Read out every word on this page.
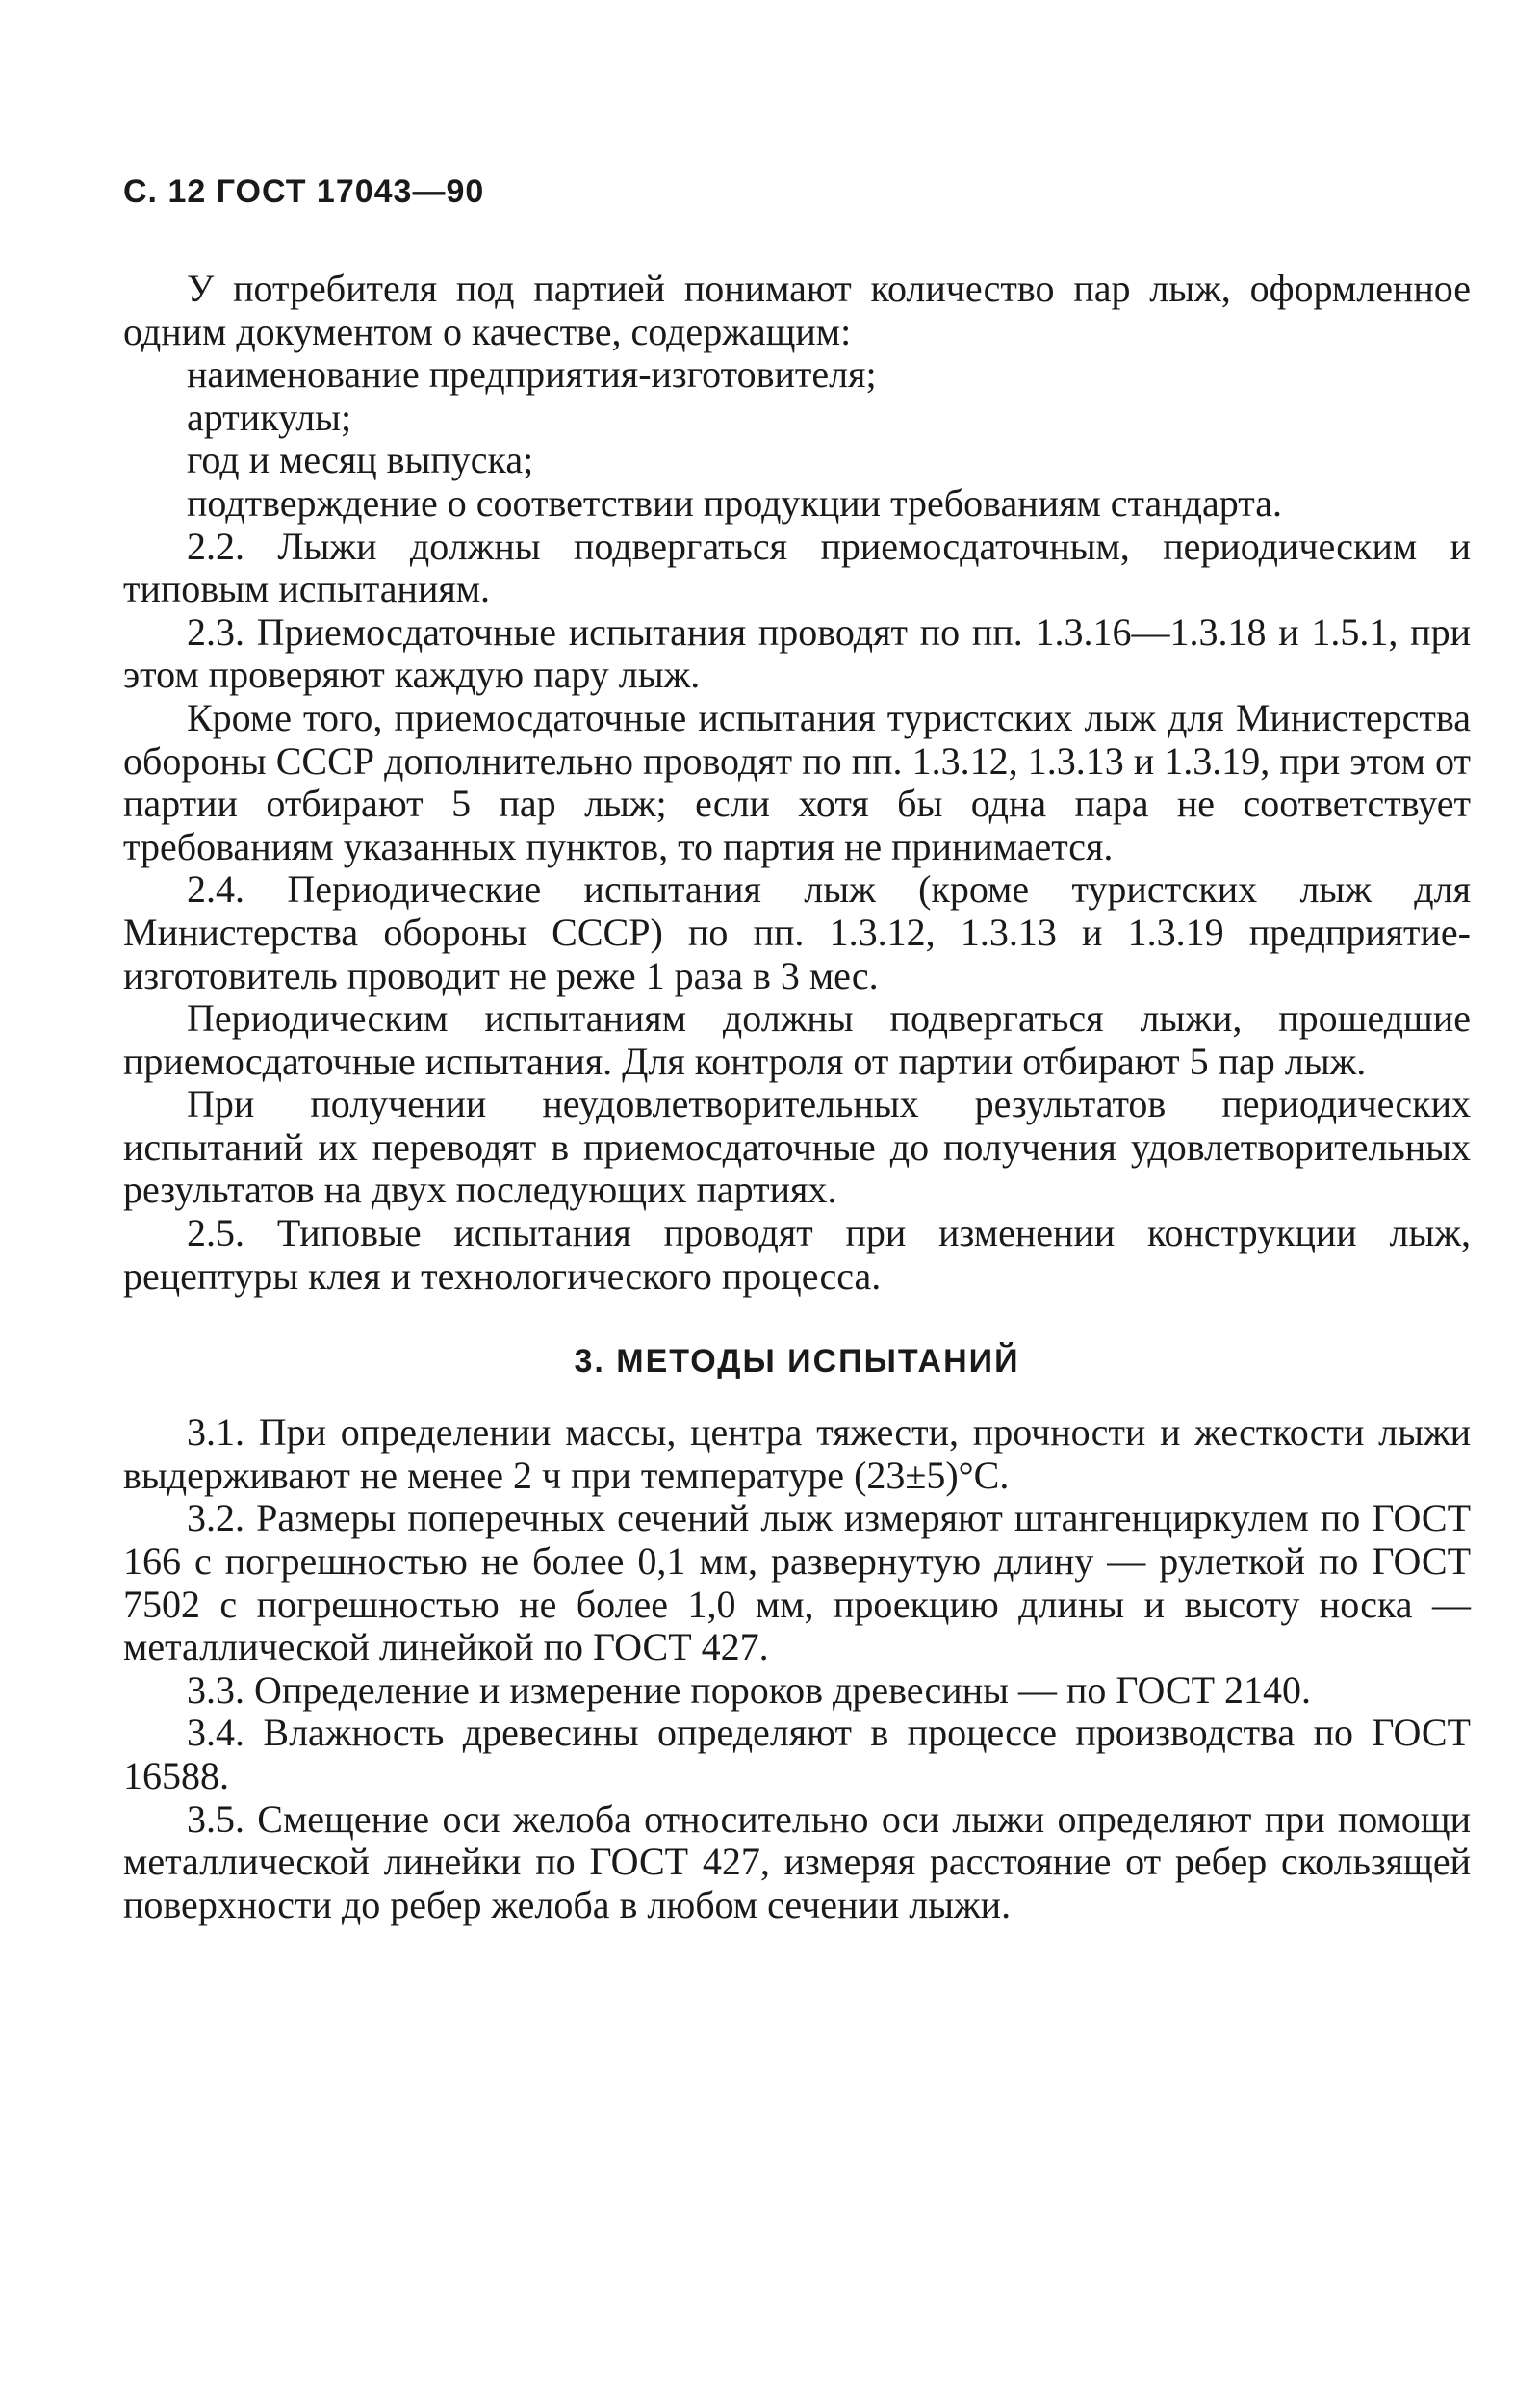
С. 12 ГОСТ 17043—90

У потребителя под партией понимают количество пар лыж, оформленное одним документом о качестве, содержащим:

наименование предприятия-изготовителя;
артикулы;
год и месяц выпуска;

подтверждение о соответствии продукции требованиям стандарта.

2.2. Лыжи должны подвергаться приемосдаточным, периодическим и типовым испытаниям.

2.3. Приемосдаточные испытания проводят по пп. 1.3.16—1.3.18 и 1.5.1, при этом проверяют каждую пару лыж.

Кроме того, приемосдаточные испытания туристских лыж для Министерства обороны СССР дополнительно проводят по пп. 1.3.12, 1.3.13 и 1.3.19, при этом от партии отбирают 5 пар лыж; если хотя бы одна пара не соответствует требованиям указанных пунктов, то партия не принимается.

2.4. Периодические испытания лыж (кроме туристских лыж для Министерства обороны СССР) по пп. 1.3.12, 1.3.13 и 1.3.19 предприятие-изготовитель проводит не реже 1 раза в 3 мес.

Периодическим испытаниям должны подвергаться лыжи, прошедшие приемосдаточные испытания. Для контроля от партии отбирают 5 пар лыж.

При получении неудовлетворительных результатов периодических испытаний их переводят в приемосдаточные до получения удовлетворительных результатов на двух последующих партиях.

2.5. Типовые испытания проводят при изменении конструкции лыж, рецептуры клея и технологического процесса.

3. МЕТОДЫ ИСПЫТАНИЙ

3.1. При определении массы, центра тяжести, прочности и жесткости лыжи выдерживают не менее 2 ч при температуре (23±5)°С.

3.2. Размеры поперечных сечений лыж измеряют штангенциркулем по ГОСТ 166 с погрешностью не более 0,1 мм, развернутую длину — рулеткой по ГОСТ 7502 с погрешностью не более 1,0 мм, проекцию длины и высоту носка — металлической линейкой по ГОСТ 427.

3.3. Определение и измерение пороков древесины — по ГОСТ 2140.

3.4. Влажность древесины определяют в процессе производства по ГОСТ 16588.

3.5. Смещение оси желоба относительно оси лыжи определяют при помощи металлической линейки по ГОСТ 427, измеряя расстояние от ребер скользящей поверхности до ребер желоба в любом сечении лыжи.
